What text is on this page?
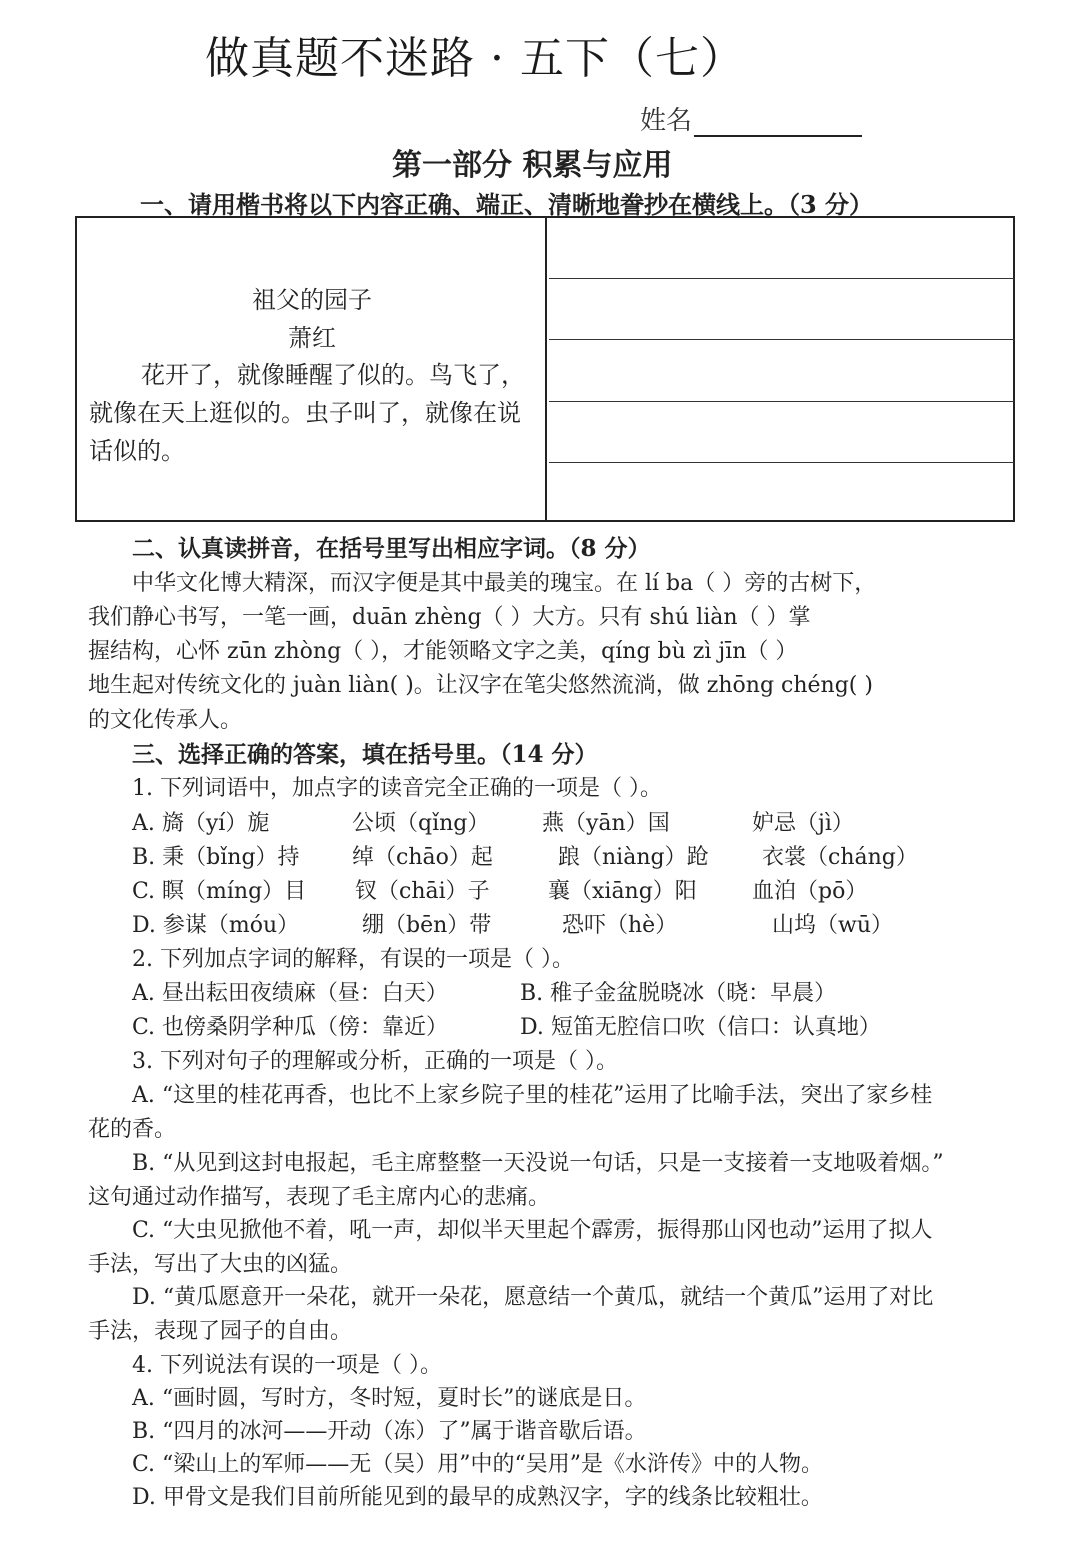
做真题不迷路 · 五下（七）
姓名
第一部分 积累与应用
一、请用楷书将以下内容正确、端正、清晰地誊抄在横线上。（3 分）
祖父的园子
萧红
花开了，就像睡醒了似的。鸟飞了，就像在天上逛似的。虫子叫了，就像在说话似的。
二、认真读拼音，在括号里写出相应字词。（8 分）
中华文化博大精深，而汉字便是其中最美的瑰宝。在 lí ba（ ）旁的古树下，
我们静心书写，一笔一画，duān zhèng（ ）大方。只有 shú liàn（ ）掌
握结构，心怀 zūn zhòng（ ），才能领略文字之美，qíng bù zì jīn（ ）
地生起对传统文化的 juàn liàn( )。让汉字在笔尖悠然流淌，做 zhōng chéng( )
的文化传承人。
三、选择正确的答案，填在括号里。（14 分）
1. 下列词语中，加点字的读音完全正确的一项是（ ）。
A. 旖（yí）旎	公顷（qǐng） 燕（yān）国	妒忌（jì）
B. 秉（bǐng）持 绰（chāo）起	踉（niàng）跄 衣裳（cháng）
C. 瞑（míng）目 钗（chāi）子	襄（xiāng）阳	血泊（pō）
D. 参谋（móu）	绷（bēn）带	恐吓（hè）	山坞（wū）
2. 下列加点字词的解释，有误的一项是（ ）。
A. 昼出耘田夜绩麻（昼：白天）	B. 稚子金盆脱晓冰（晓：早晨）
C. 也傍桑阴学种瓜（傍：靠近）	D. 短笛无腔信口吹（信口：认真地）
3. 下列对句子的理解或分析，正确的一项是（ ）。
A. “这里的桂花再香，也比不上家乡院子里的桂花”运用了比喻手法，突出了家乡桂
花的香。
B. “从见到这封电报起，毛主席整整一天没说一句话，只是一支接着一支地吸着烟。”
这句通过动作描写，表现了毛主席内心的悲痛。
C. “大虫见掀他不着，吼一声，却似半天里起个霹雳，振得那山冈也动”运用了拟人
手法，写出了大虫的凶猛。
D. “黄瓜愿意开一朵花，就开一朵花，愿意结一个黄瓜，就结一个黄瓜”运用了对比
手法，表现了园子的自由。
4. 下列说法有误的一项是（ ）。
A. “画时圆，写时方，冬时短，夏时长”的谜底是日。
B. “四月的冰河——开动（冻）了”属于谐音歇后语。
C. “梁山上的军师——无（吴）用”中的“吴用”是《水浒传》中的人物。
D. 甲骨文是我们目前所能见到的最早的成熟汉字，字的线条比较粗壮。
